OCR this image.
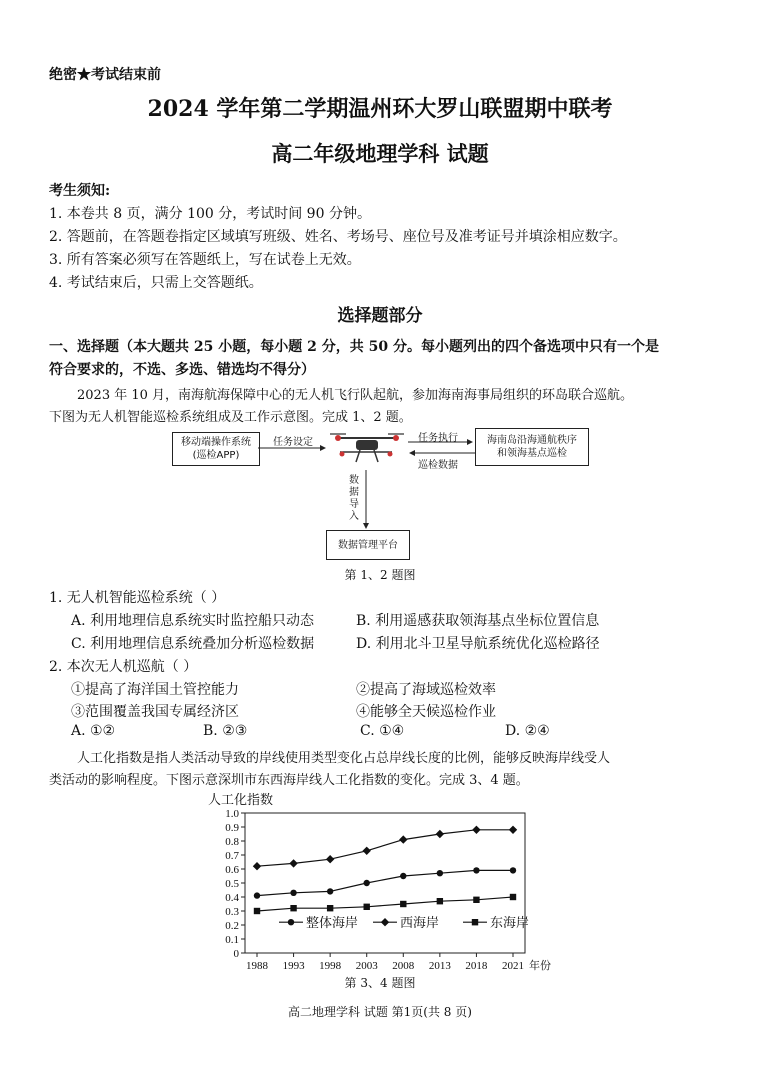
绝密★考试结束前
2024 学年第二学期温州环大罗山联盟期中联考
高二年级地理学科 试题
考生须知:
1. 本卷共 8 页，满分 100 分，考试时间 90 分钟。
2. 答题前，在答题卷指定区域填写班级、姓名、考场号、座位号及准考证号并填涂相应数字。
3. 所有答案必须写在答题纸上，写在试卷上无效。
4. 考试结束后，只需上交答题纸。
选择题部分
一、选择题（本大题共 25 小题，每小题 2 分，共 50 分。每小题列出的四个备选项中只有一个是
符合要求的，不选、多选、错选均不得分）
2023 年 10 月，南海航海保障中心的无人机飞行队起航，参加海南海事局组织的环岛联合巡航。
下图为无人机智能巡检系统组成及工作示意图。完成 1、2 题。
移动端操作系统
(巡检APP)
海南岛沿海通航秩序
和领海基点巡检
数据管理平台
任务设定	任务执行
巡检数据
数
据
导
入
第 1、2 题图
1. 无人机智能巡检系统（ ）
A. 利用地理信息系统实时监控船只动态	B. 利用遥感获取领海基点坐标位置信息
C. 利用地理信息系统叠加分析巡检数据	D. 利用北斗卫星导航系统优化巡检路径
2. 本次无人机巡航（ ）
①提高了海洋国土管控能力	②提高了海域巡检效率
③范围覆盖我国专属经济区	④能够全天候巡检作业
A. ①②	B. ②③	C. ①④	D. ②④
人工化指数是指人类活动导致的岸线使用类型变化占总岸线长度的比例，能够反映海岸线受人
类活动的影响程度。下图示意深圳市东西海岸线人工化指数的变化。完成 3、4 题。
人工化指数
0
0.1
0.2
0.3
0.4
0.5
0.6
0.7
0.8
0.9
1.0
1988 1993 1998 2003 2008 2013 2018 2021 年份
整体海岸	西海岸	东海岸
第 3、4 题图
高二地理学科 试题 第1页(共 8 页)
